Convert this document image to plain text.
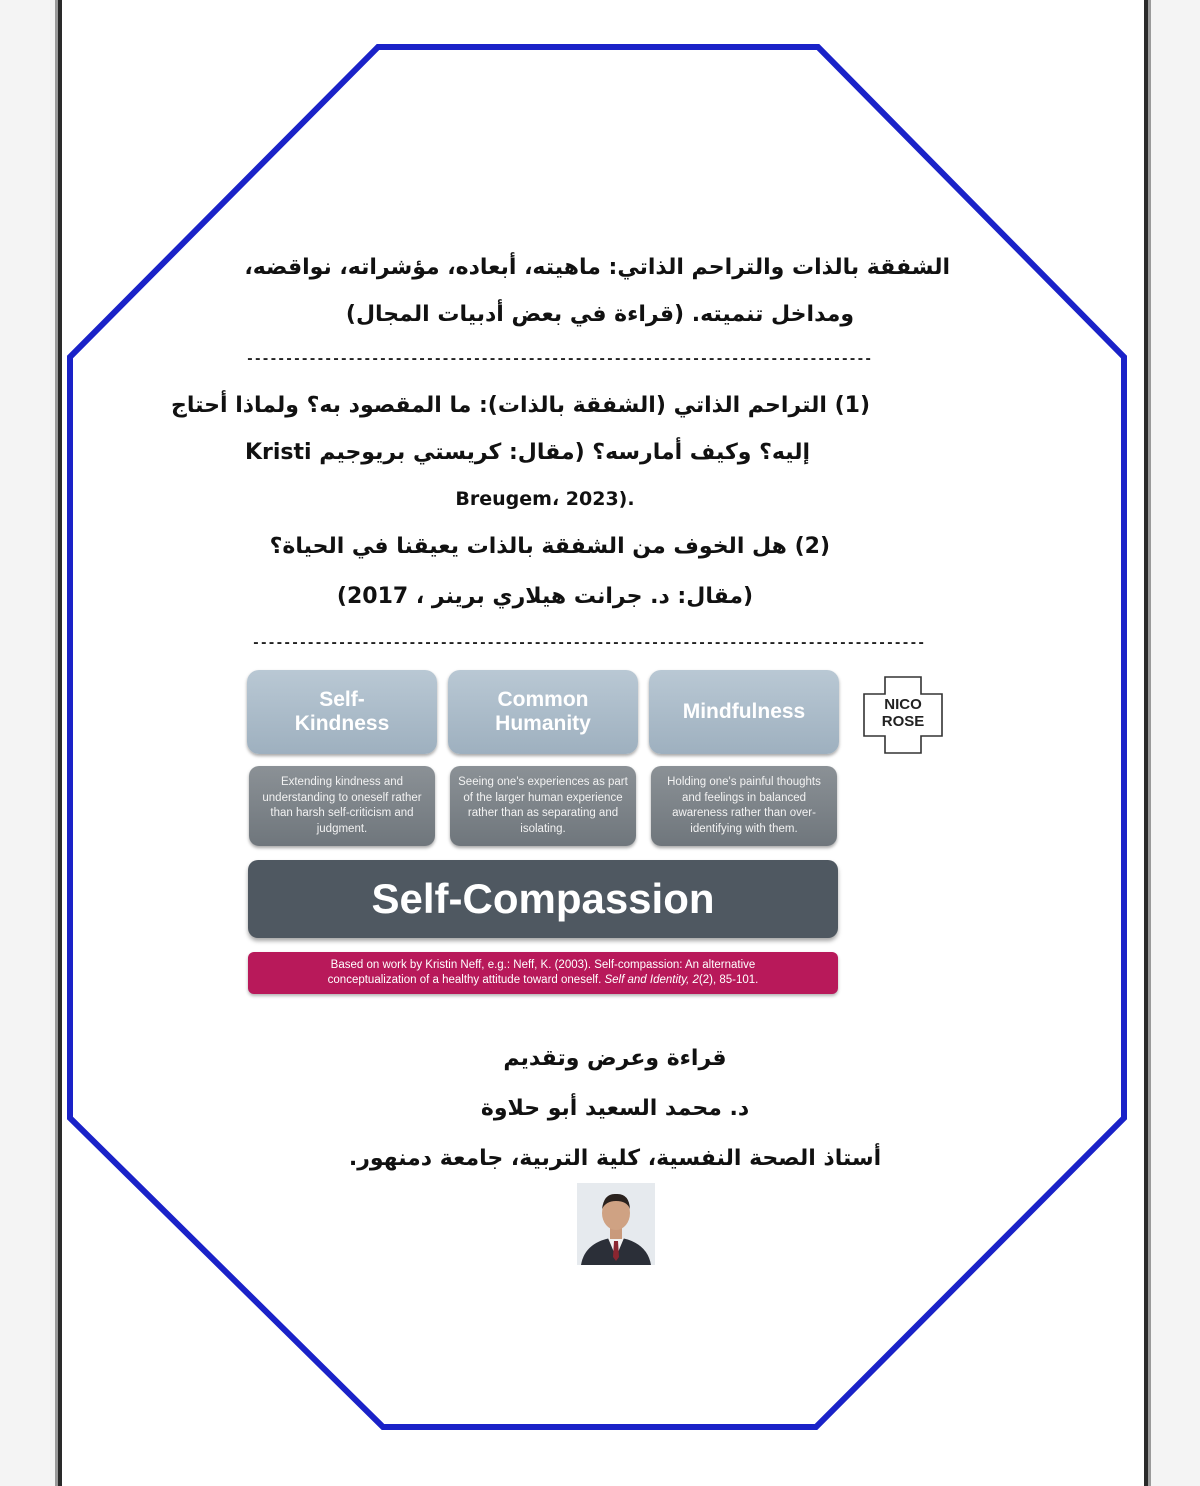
الشفقة بالذات والتراحم الذاتي: ماهيته، أبعاده، مؤشراته، نواقضه،
ومداخل تنميته. (قراءة في بعض أدبيات المجال)
--------------------------------------------------------------------------------
(1) التراحم الذاتي (الشفقة بالذات): ما المقصود به؟ ولماذا أحتاج
إليه؟ وكيف أمارسه؟ (مقال: كريستي بريوجيم Kristi
Breugem، 2023).
(2) هل الخوف من الشفقة بالذات يعيقنا في الحياة؟
(مقال: د. جرانت هيلاري برينر ، 2017)
--------------------------------------------------------------------------------------
Self-
Kindness
Common
Humanity
Mindfulness
Extending kindness and understanding to oneself rather than harsh self-criticism and judgment.
Seeing one's experiences as part of the larger human experience rather than as separating and isolating.
Holding one's painful thoughts and feelings in balanced awareness rather than over-identifying with them.
Self-Compassion
Based on work by Kristin Neff, e.g.: Neff, K. (2003). Self-compassion: An alternative
conceptualization of a healthy attitude toward oneself. Self and Identity, 2(2), 85-101.
NICO
ROSE
قراءة وعرض وتقديم
د. محمد السعيد أبو حلاوة
أستاذ الصحة النفسية، كلية التربية، جامعة دمنهور.
